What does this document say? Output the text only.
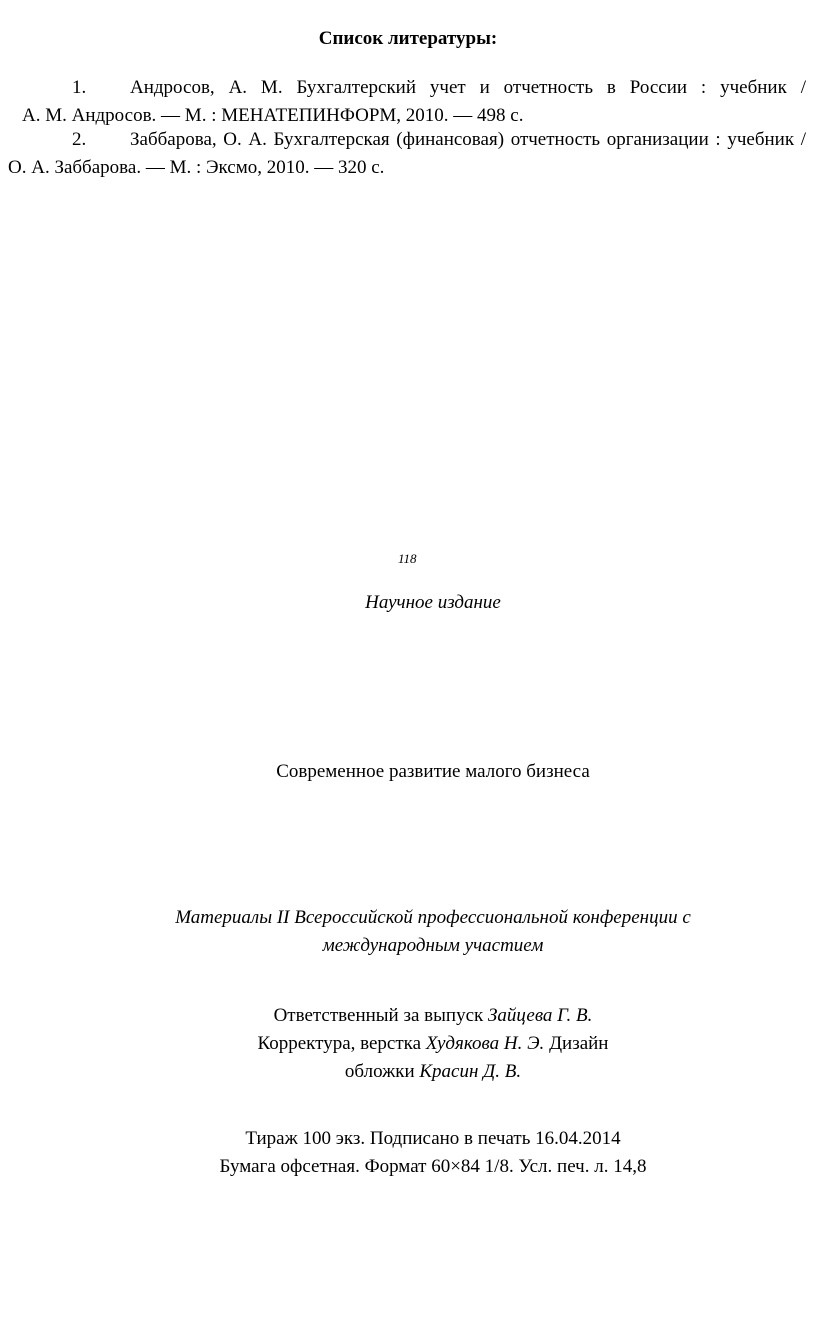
Список литературы:
1. Андросов, А. М. Бухгалтерский учет и отчетность в России : учебник /
А. М. Андросов. — М. : МЕНАТЕПИНФОРМ, 2010. — 498 с.
2. Заббарова, О. А. Бухгалтерская (финансовая) отчетность организации : учебник /
О. А. Заббарова. — М. : Эксмо, 2010. — 320 с.
118
Научное издание
Современное развитие малого бизнеса
Материалы II Всероссийской профессиональной конференции с
международным участием
Ответственный за выпуск Зайцева Г. В.
Корректура, верстка Худякова Н. Э. Дизайн
обложки Красин Д. В.
Тираж 100 экз. Подписано в печать 16.04.2014
Бумага офсетная. Формат 60×84 1/8. Усл. печ. л. 14,8
